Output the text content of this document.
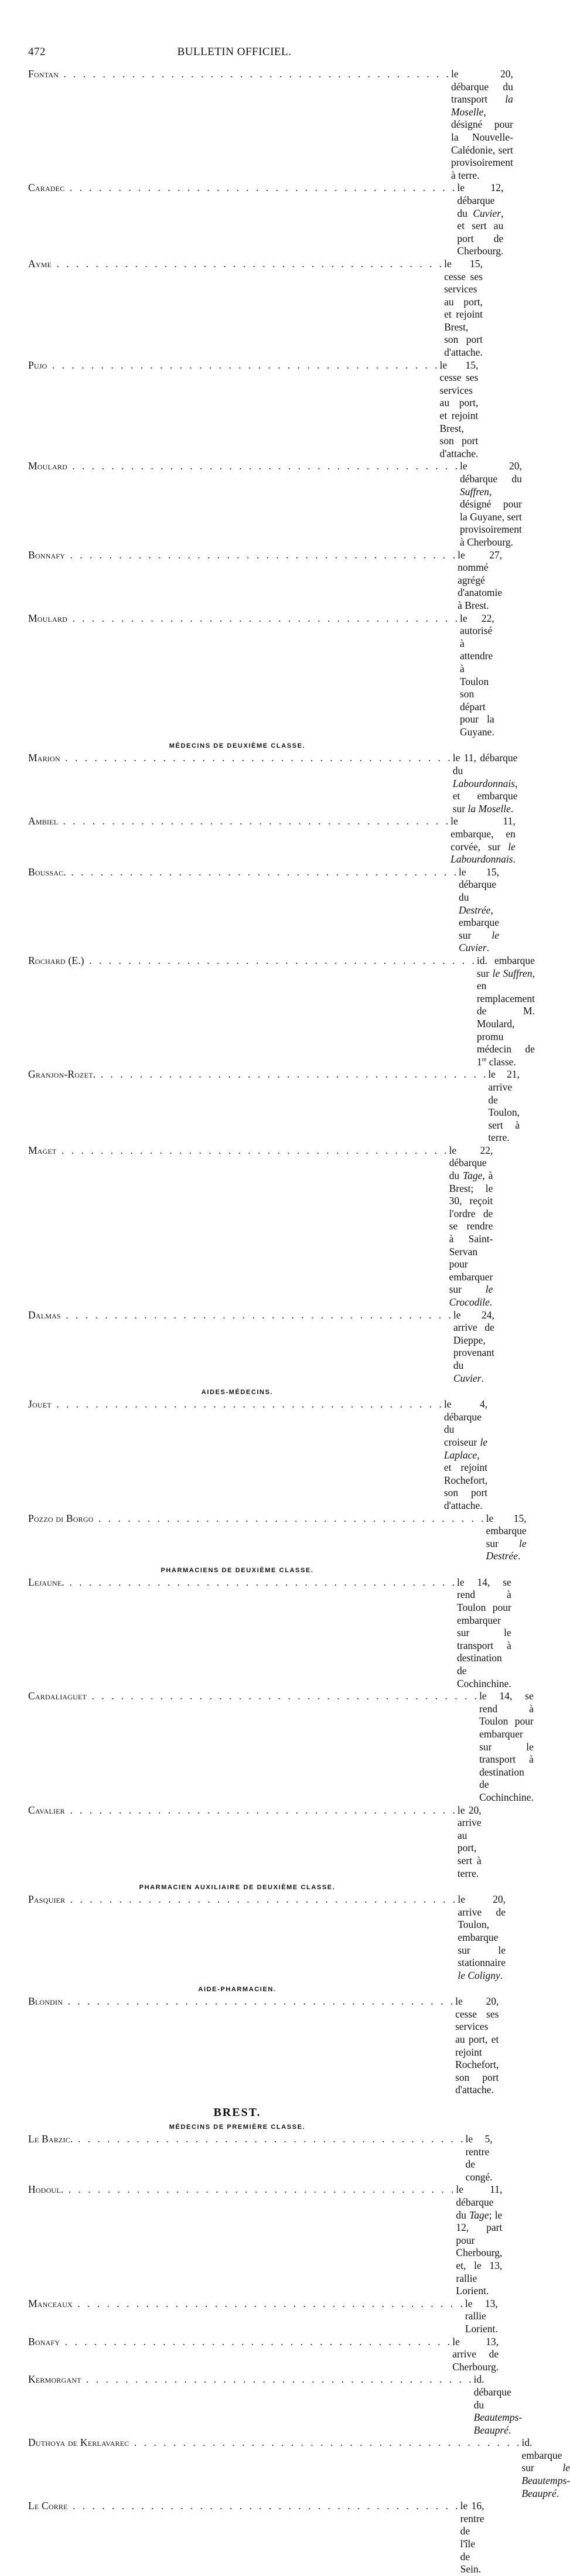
472	BULLETIN OFFICIEL.
Fontan . . . . . . . . . . . . . . . . . . . . . . . . . . . . . . . . . . . . . . . . le 20, débarque du transport la Moselle, désigné pour la Nouvelle-Calédonie, sert provisoirement à terre.
Caradec . . . . . . . . . . . . . . . . . . . . . . . . . . . . . . . . . . . . . . . . le 12, débarque du Cuvier, et sert au port de Cherbourg.
Ayme . . . . . . . . . . . . . . . . . . . . . . . . . . . . . . . . . . . . . . . . le 15, cesse ses services au port, et rejoint Brest, son port d'attache.
Pujo . . . . . . . . . . . . . . . . . . . . . . . . . . . . . . . . . . . . . . . . le 15, cesse ses services au port, et rejoint Brest, son port d'attache.
Moulard . . . . . . . . . . . . . . . . . . . . . . . . . . . . . . . . . . . . . . . . le 20, débarque du Suffren, désigné pour la Guyane, sert provisoirement à Cherbourg.
Bonnafy . . . . . . . . . . . . . . . . . . . . . . . . . . . . . . . . . . . . . . . . le 27, nommé agrégé d'anatomie à Brest.
Moulard . . . . . . . . . . . . . . . . . . . . . . . . . . . . . . . . . . . . . . . . le 22, autorisé à attendre à Toulon son départ pour la Guyane.
MÉDECINS DE DEUXIÈME CLASSE.
Marion . . . . . . . . . . . . . . . . . . . . . . . . . . . . . . . . . . . . . . . . le 11, débarque du Labourdonnais, et embarque sur la Moselle.
Ambiel . . . . . . . . . . . . . . . . . . . . . . . . . . . . . . . . . . . . . . . . le 11, embarque, en corvée, sur le Labourdonnais.
Boussac. . . . . . . . . . . . . . . . . . . . . . . . . . . . . . . . . . . . . . . . . le 15, débarque du Destrée, embarque sur le Cuvier.
Rochard (E.) . . . . . . . . . . . . . . . . . . . . . . . . . . . . . . . . . . . . . . . . id. embarque sur le Suffren, en remplacement de M. Moulard, promu médecin de 1re classe.
Granjon-Rozet. . . . . . . . . . . . . . . . . . . . . . . . . . . . . . . . . . . . . . . . . le 21, arrive de Toulon, sert à terre.
Maget . . . . . . . . . . . . . . . . . . . . . . . . . . . . . . . . . . . . . . . . le 22, débarque du Tage, à Brest; le 30, reçoit l'ordre de se rendre à Saint-Servan pour embarquer sur le Crocodile.
Dalmas . . . . . . . . . . . . . . . . . . . . . . . . . . . . . . . . . . . . . . . . le 24, arrive de Dieppe, provenant du Cuvier.
AIDES-MÉDECINS.
Jouet . . . . . . . . . . . . . . . . . . . . . . . . . . . . . . . . . . . . . . . . le 4, débarque du croiseur le Laplace, et rejoint Rochefort, son port d'attache.
Pozzo di Borgo . . . . . . . . . . . . . . . . . . . . . . . . . . . . . . . . . . . . . . . . le 15, embarque sur le Destrée.
PHARMACIENS DE DEUXIÈME CLASSE.
Lejaune. . . . . . . . . . . . . . . . . . . . . . . . . . . . . . . . . . . . . . . . . le 14, se rend à Toulon pour embarquer sur le transport à destination de Cochinchine.
Cardaliaguet . . . . . . . . . . . . . . . . . . . . . . . . . . . . . . . . . . . . . . . . le 14, se rend à Toulon pour embarquer sur le transport à destination de Cochinchine.
Cavalier . . . . . . . . . . . . . . . . . . . . . . . . . . . . . . . . . . . . . . . . le 20, arrive au port, sert à terre.
PHARMACIEN AUXILIAIRE DE DEUXIÈME CLASSE.
Pasquier . . . . . . . . . . . . . . . . . . . . . . . . . . . . . . . . . . . . . . . . le 20, arrive de Toulon, embarque sur le stationnaire le Coligny.
AIDE-PHARMACIEN.
Blondin . . . . . . . . . . . . . . . . . . . . . . . . . . . . . . . . . . . . . . . . le 20, cesse ses services au port, et rejoint Rochefort, son port d'attache.
BREST.
MÉDECINS DE PREMIÈRE CLASSE.
Le Barzic. . . . . . . . . . . . . . . . . . . . . . . . . . . . . . . . . . . . . . . . . le 5, rentre de congé.
Hodoul. . . . . . . . . . . . . . . . . . . . . . . . . . . . . . . . . . . . . . . . . le 11, débarque du Tage; le 12, part pour Cherbourg, et, le 13, rallie Lorient.
Manceaux . . . . . . . . . . . . . . . . . . . . . . . . . . . . . . . . . . . . . . . . le 13, rallie Lorient.
Bonafy . . . . . . . . . . . . . . . . . . . . . . . . . . . . . . . . . . . . . . . . le 13, arrive de Cherbourg.
Kermorgant . . . . . . . . . . . . . . . . . . . . . . . . . . . . . . . . . . . . . . . . id. débarque du Beautemps-Beaupré.
Duthoya de Kerlavarec . . . . . . . . . . . . . . . . . . . . . . . . . . . . . . . . . . . . . . . . id. embarque sur le Beautemps-Beaupré.
Le Corre . . . . . . . . . . . . . . . . . . . . . . . . . . . . . . . . . . . . . . . . le 16, rentre de l'île de Sein.
